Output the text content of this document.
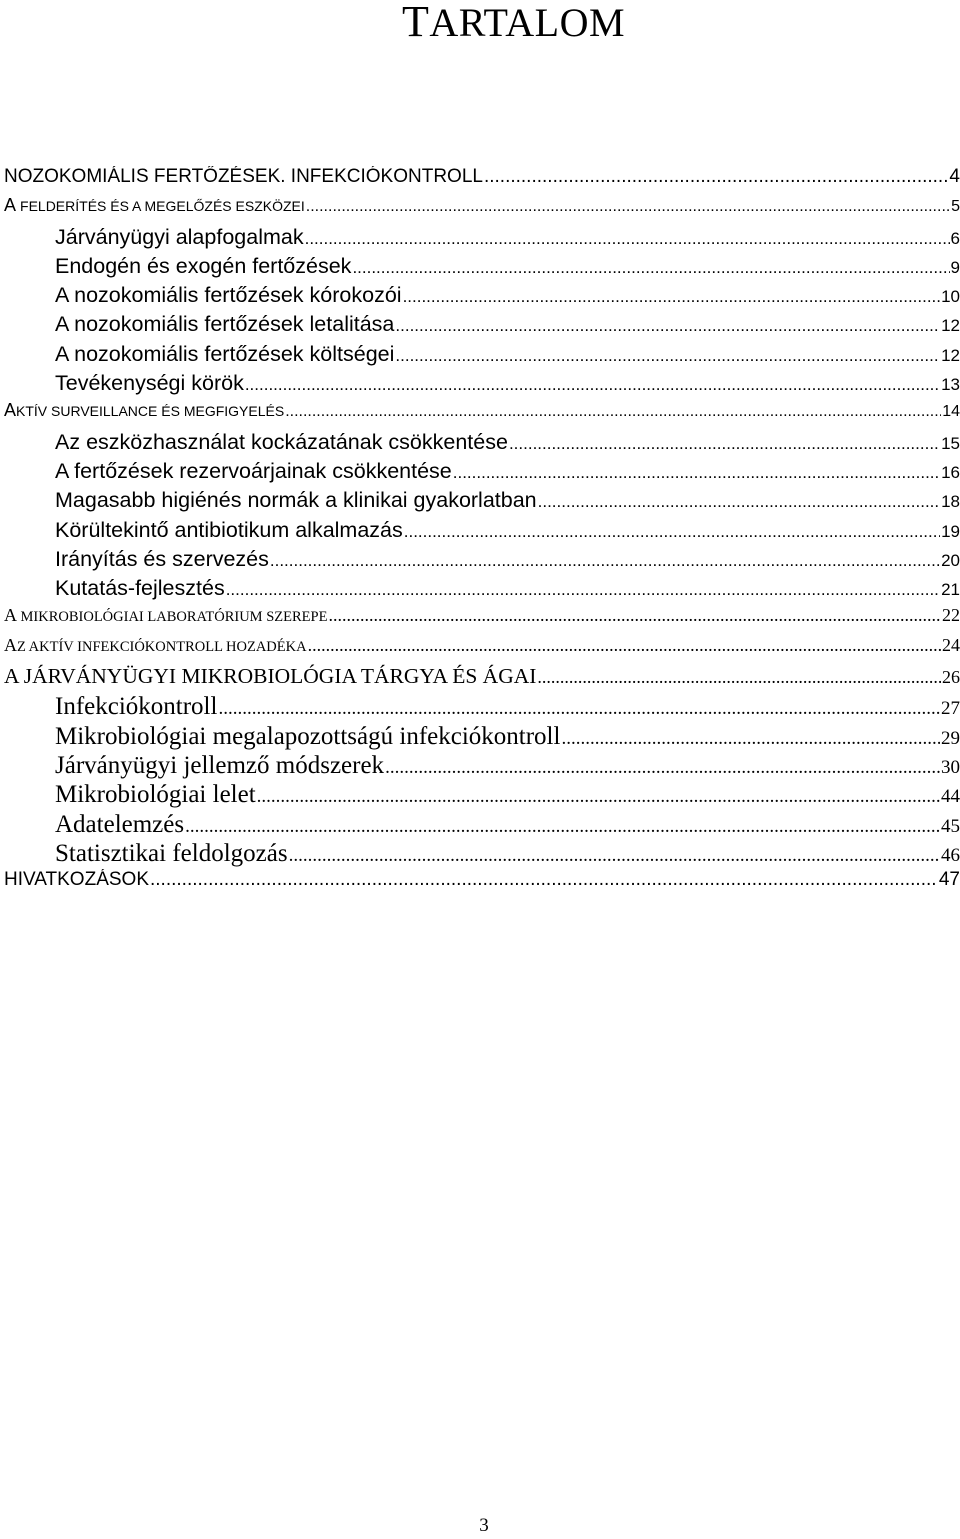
TARTALOM
NOZOKOMIÁLIS FERTŐZÉSEK. INFEKCIÓKONTROLL .....	4
A FELDERÍTÉS ÉS A MEGELŐZÉS ESZKÖZEI .....	5
Járványügyi alapfogalmak .....	6
Endogén és exogén fertőzések .....	9
A nozokomiális fertőzések kórokozói .....	10
A nozokomiális fertőzések letalitása .....	12
A nozokomiális fertőzések költségei .....	12
Tevékenységi körök .....	13
AKTÍV SURVEILLANCE ÉS MEGFIGYELÉS .....	14
Az eszközhasználat kockázatának csökkentése .....	15
A fertőzések rezervoárjainak csökkentése .....	16
Magasabb higiénés normák a klinikai gyakorlatban .....	18
Körültekintő antibiotikum alkalmazás .....	19
Irányítás és szervezés .....	20
Kutatás-fejlesztés .....	21
A MIKROBIOLÓGIAI LABORATÓRIUM SZEREPE .....	22
AZ AKTÍV INFEKCIÓKONTROLL HOZADÉKA .....	24
A JÁRVÁNYÜGYI MIKROBIOLÓGIA TÁRGYA ÉS ÁGAI .....	26
Infekciókontroll .....	27
Mikrobiológiai megalapozottságú infekciókontroll .....	29
Járványügyi jellemző módszerek .....	30
Mikrobiológiai lelet .....	44
Adatelemzés .....	45
Statisztikai feldolgozás .....	46
HIVATKOZÁSOK .....	47
3
